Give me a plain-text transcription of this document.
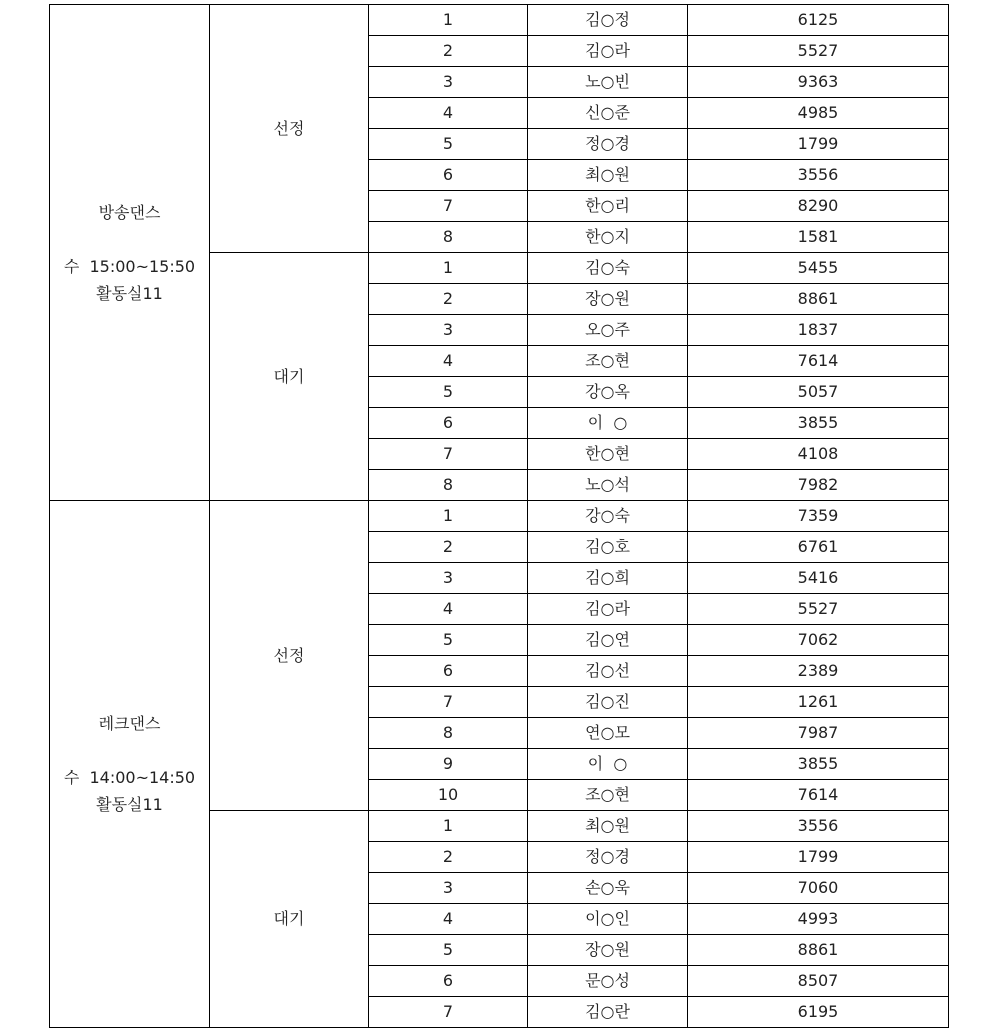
방송댄스
수  15:00~15:50
활동실11	선정	1	김○정	6125
		2	김○라	5527
		3	노○빈	9363
		4	신○준	4985
		5	정○경	1799
		6	최○원	3556
		7	한○리	8290
		8	한○지	1581
	대기	1	김○숙	5455
		2	장○원	8861
		3	오○주	1837
		4	조○현	7614
		5	강○옥	5057
		6	이  ○	3855
		7	한○현	4108
		8	노○석	7982
레크댄스
수  14:00~14:50
활동실11	선정	1	강○숙	7359
		2	김○호	6761
		3	김○희	5416
		4	김○라	5527
		5	김○연	7062
		6	김○선	2389
		7	김○진	1261
		8	연○모	7987
		9	이  ○	3855
		10	조○현	7614
	대기	1	최○원	3556
		2	정○경	1799
		3	손○욱	7060
		4	이○인	4993
		5	장○원	8861
		6	문○성	8507
		7	김○란	6195
